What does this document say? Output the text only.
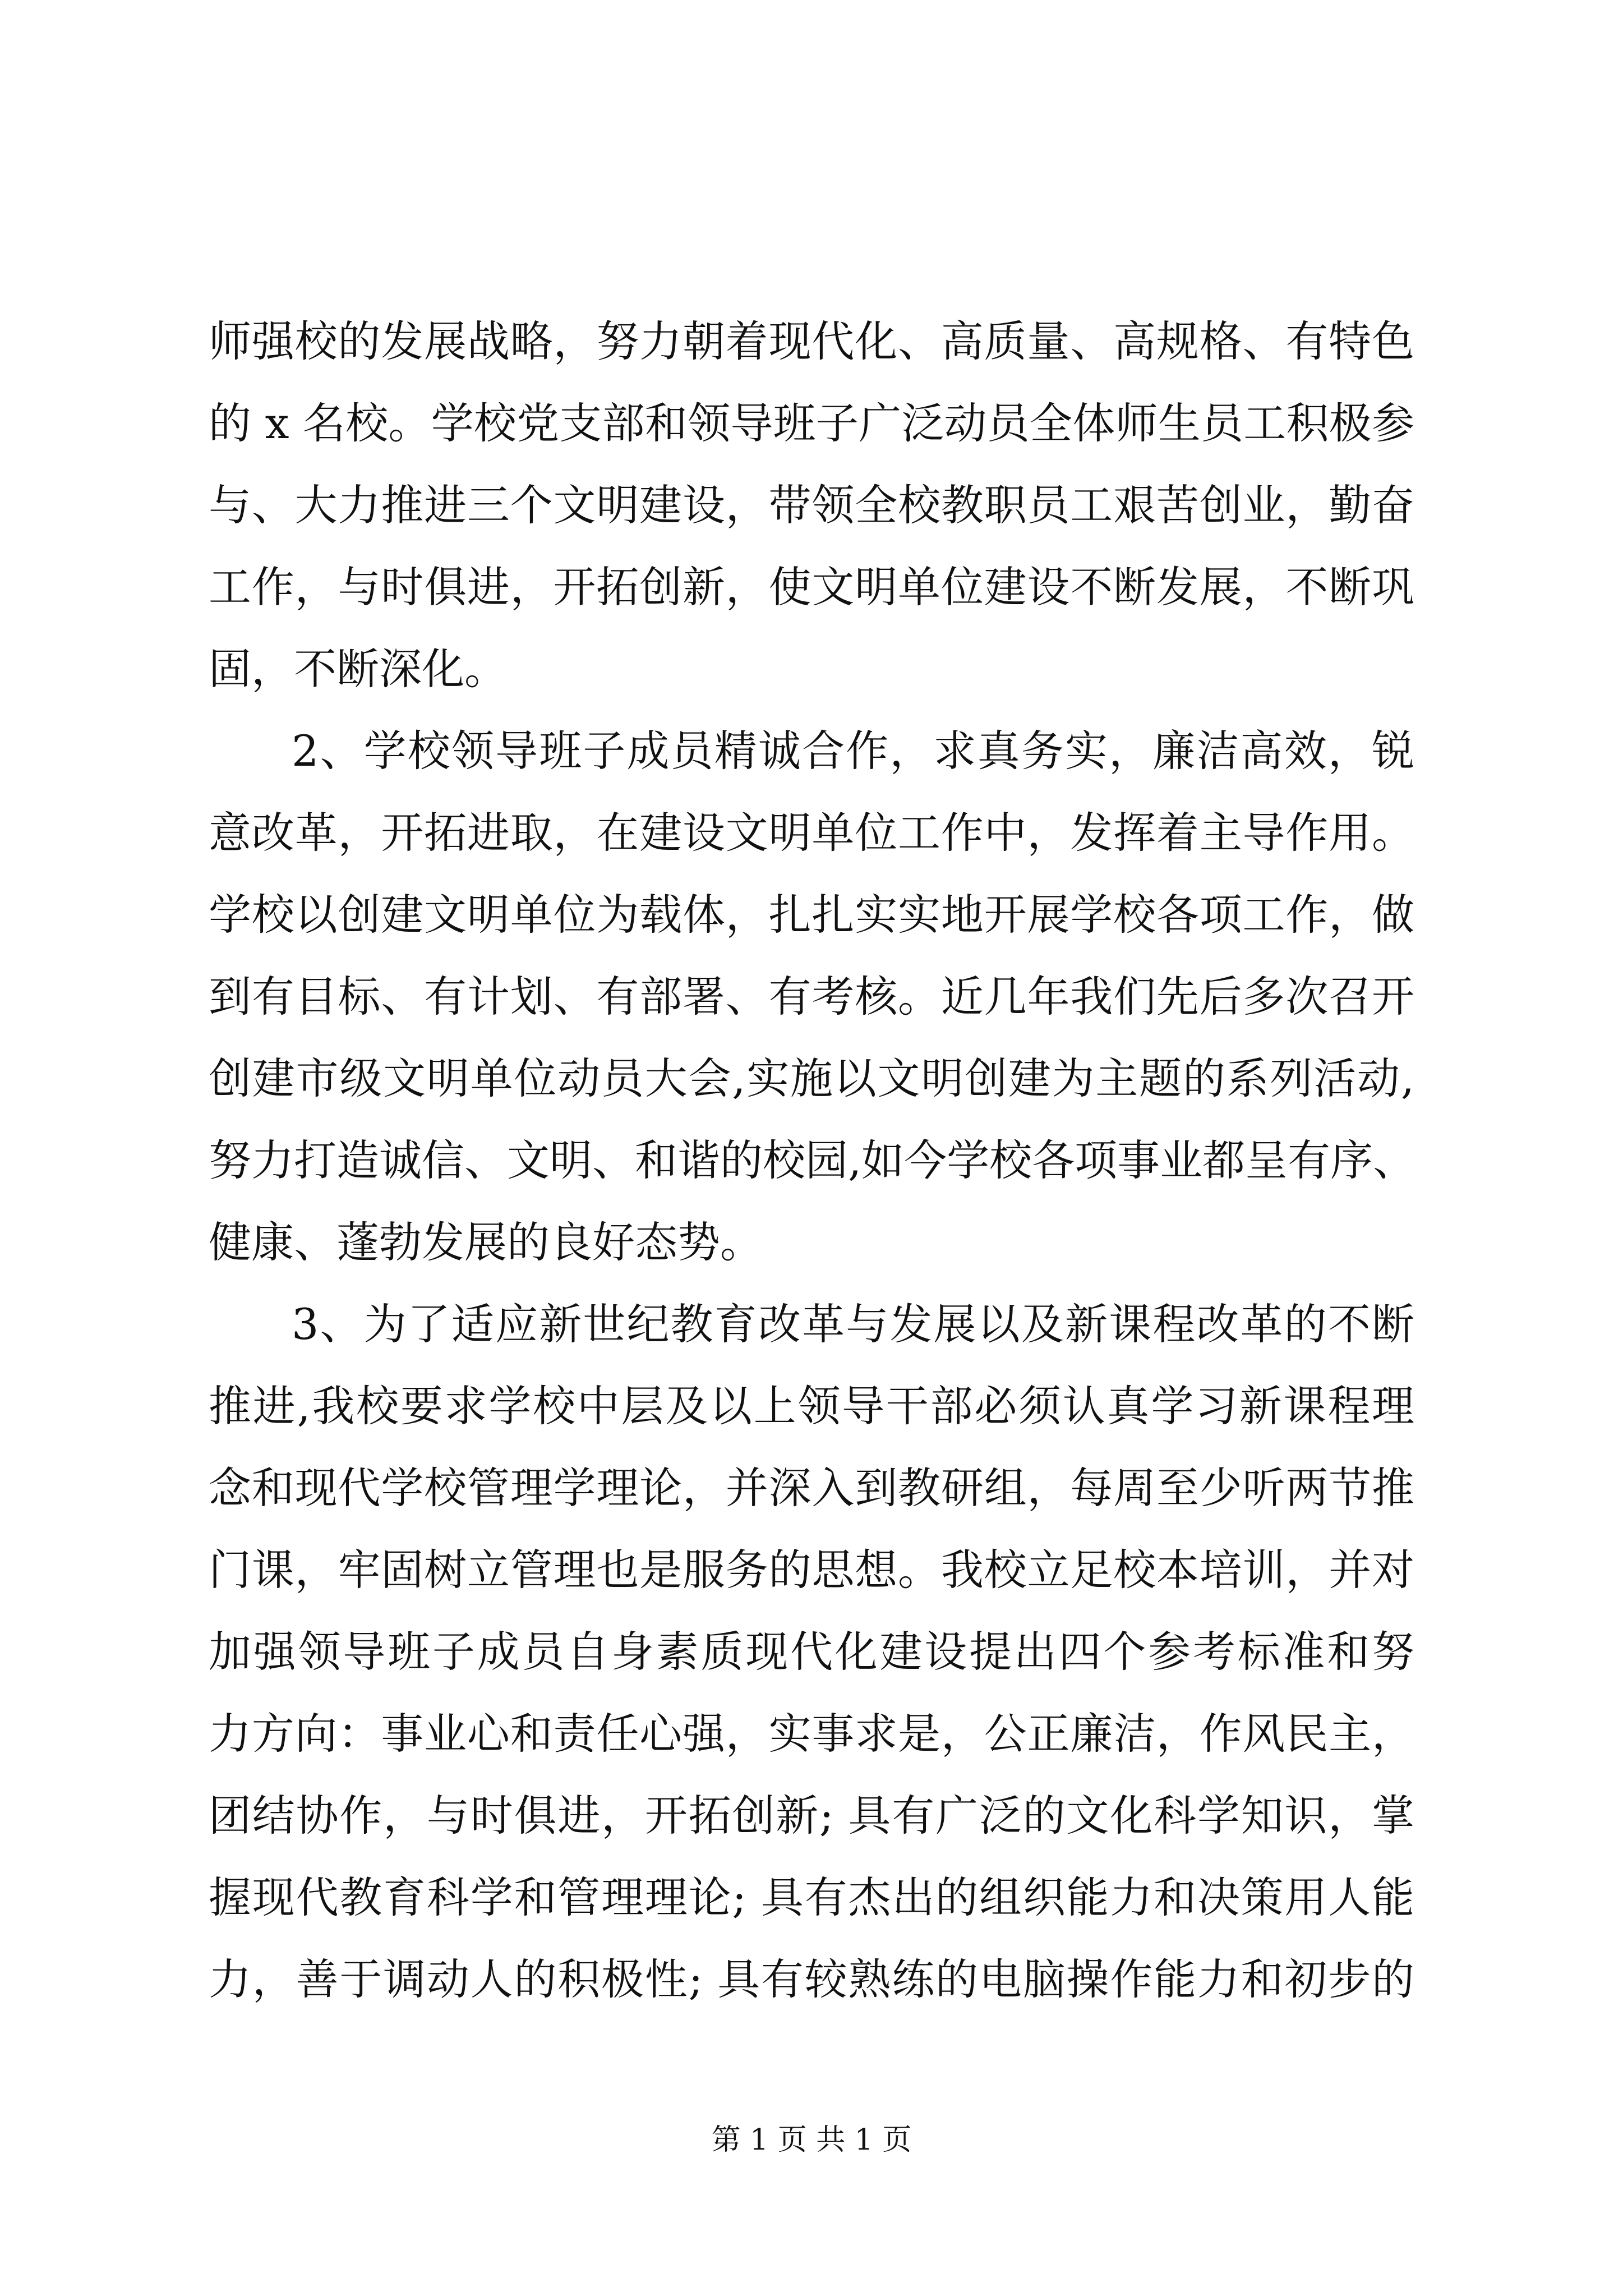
师强校的发展战略，努力朝着现代化、高质量、高规格、有特色
的 x 名校。学校党支部和领导班子广泛动员全体师生员工积极参
与、大力推进三个文明建设，带领全校教职员工艰苦创业，勤奋
工作，与时俱进，开拓创新，使文明单位建设不断发展，不断巩
固，不断深化。
2、学校领导班子成员精诚合作，求真务实，廉洁高效，锐
意改革，开拓进取，在建设文明单位工作中，发挥着主导作用。
学校以创建文明单位为载体，扎扎实实地开展学校各项工作，做
到有目标、有计划、有部署、有考核。近几年我们先后多次召开
创建市级文明单位动员大会,实施以文明创建为主题的系列活动,
努力打造诚信、文明、和谐的校园,如今学校各项事业都呈有序、
健康、蓬勃发展的良好态势。
3、为了适应新世纪教育改革与发展以及新课程改革的不断
推进,我校要求学校中层及以上领导干部必须认真学习新课程理
念和现代学校管理学理论，并深入到教研组，每周至少听两节推
门课，牢固树立管理也是服务的思想。我校立足校本培训，并对
加强领导班子成员自身素质现代化建设提出四个参考标准和努
力方向：事业心和责任心强，实事求是，公正廉洁，作风民主，
团结协作，与时俱进，开拓创新; 具有广泛的文化科学知识，掌
握现代教育科学和管理理论; 具有杰出的组织能力和决策用人能
力，善于调动人的积极性; 具有较熟练的电脑操作能力和初步的
第 1 页 共 1 页
